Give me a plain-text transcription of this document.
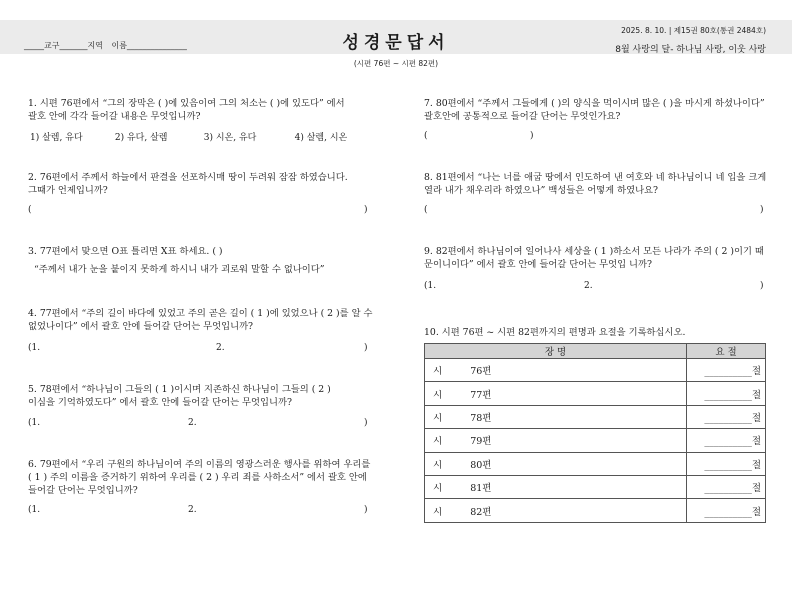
_____교구_______지역 이름_______________	성경문답서
(시편 76편 ~ 시편 82편)
2025. 8. 10. | 제15권 80호(통권 2484호)
8월 사랑의 달- 하나님 사랑, 이웃 사랑
1. 시편 76편에서 “그의 장막은 ( )에 있음이여 그의 처소는 ( )에 있도다” 에서
괄호 안에 각각 들어갈 내용은 무엇입니까?
1) 살렘, 유다	2) 유다, 살렘	3) 시온, 유다	4) 살렘, 시온
2. 76편에서 주께서 하늘에서 판결을 선포하시매 땅이 두려워 잠잠 하였습니다.
그때가 언제입니까?
(	)
3. 77편에서 맞으면 O표 틀리면 X표 하세요. ( )
“주께서 내가 눈을 붙이지 못하게 하시니 내가 괴로워 말할 수 없나이다”
4. 77편에서 “주의 길이 바다에 있었고 주의 곧은 길이 ( 1 )에 있었으나 ( 2 )를 알 수
없었나이다” 에서 괄호 안에 들어갈 단어는 무엇입니까?
(1.	2.	)
5. 78편에서 “하나님이 그들의 ( 1 )이시며 지존하신 하나님이 그들의 ( 2 )
이심을 기억하였도다” 에서 괄호 안에 들어갈 단어는 무엇입니까?
(1.	2.	)
6. 79편에서 “우리 구원의 하나님이여 주의 이름의 영광스러운 행사를 위하여 우리를
( 1 ) 주의 이름을 증거하기 위하여 우리를 ( 2 ) 우리 죄를 사하소서” 에서 괄호 안에
들어갈 단어는 무엇입니까?
(1.	2.	)
7. 80편에서 “주께서 그들에게 ( )의 양식을 먹이시며 많은 ( )을 마시게 하셨나이다”
괄호안에 공통적으로 들어갈 단어는 무엇인가요?
(	)
8. 81편에서 “나는 너를 애굽 땅에서 인도하여 낸 여호와 네 하나님이니 네 입을 크게
열라 내가 채우리라 하였으나” 백성들은 어떻게 하였나요?
(	)
9. 82편에서 하나님이여 일어나사 세상을 ( 1 )하소서 모든 나라가 주의 ( 2 )이기 때
문이니이다” 에서 괄호 안에 들어갈 단어는 무엇입 니까?
(1.	2.	)
10. 시편 76편 ~ 시편 82편까지의 편명과 요절을 기록하십시오.
장 명	요 절
시 76편	__________절
시 77편	__________절
시 78편	__________절
시 79편	__________절
시 80편	__________절
시 81편	__________절
시 82편	__________절
